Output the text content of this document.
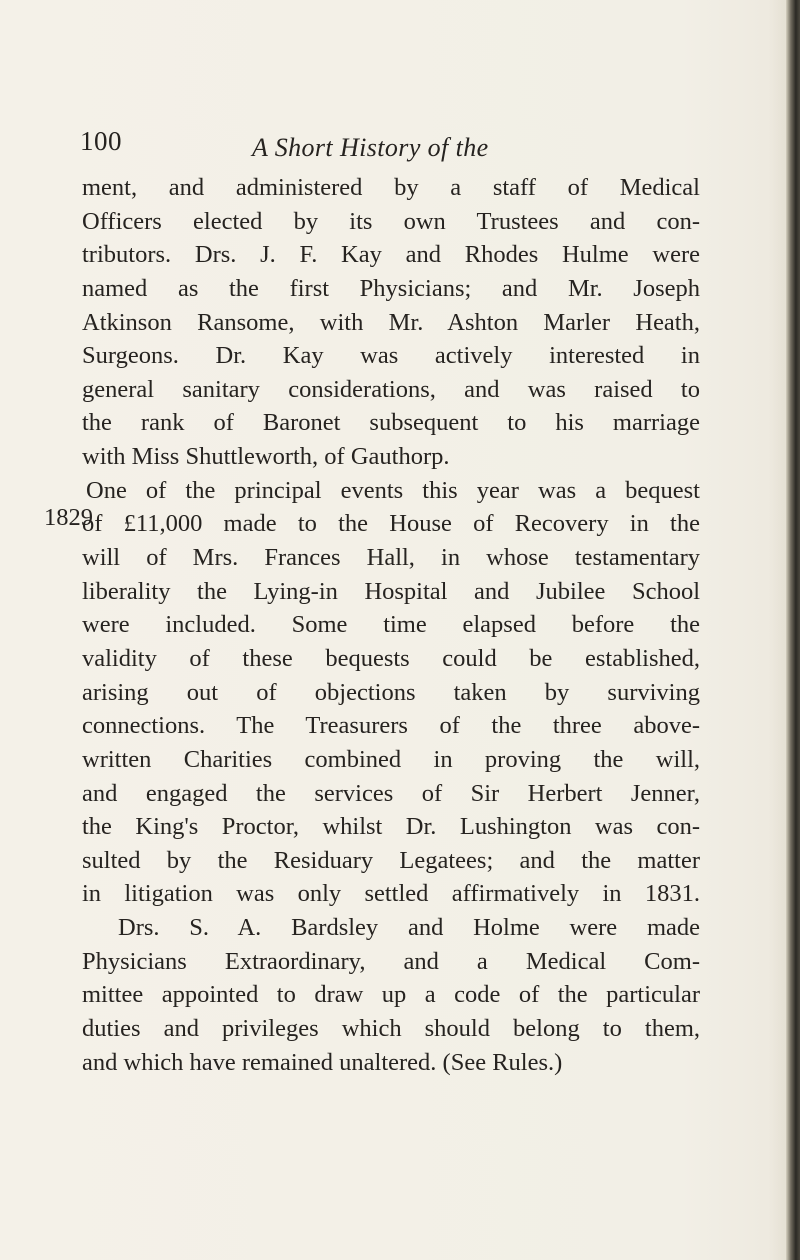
100	A Short History of the

1829

ment, and administered by a staff of Medical
Officers elected by its own Trustees and con-
tributors. Drs. J. F. Kay and Rhodes Hulme were
named as the first Physicians; and Mr. Joseph
Atkinson Ransome, with Mr. Ashton Marler Heath,
Surgeons. Dr. Kay was actively interested in
general sanitary considerations, and was raised to
the rank of Baronet subsequent to his marriage
with Miss Shuttleworth, of Gauthorp.
One of the principal events this year was a bequest
of £11,000 made to the House of Recovery in the
will of Mrs. Frances Hall, in whose testamentary
liberality the Lying-in Hospital and Jubilee School
were included. Some time elapsed before the
validity of these bequests could be established,
arising out of objections taken by surviving
connections. The Treasurers of the three above-
written Charities combined in proving the will,
and engaged the services of Sir Herbert Jenner,
the King's Proctor, whilst Dr. Lushington was con-
sulted by the Residuary Legatees; and the matter
in litigation was only settled affirmatively in 1831.
Drs. S. A. Bardsley and Holme were made
Physicians Extraordinary, and a Medical Com-
mittee appointed to draw up a code of the particular
duties and privileges which should belong to them,
and which have remained unaltered. (See Rules.)
